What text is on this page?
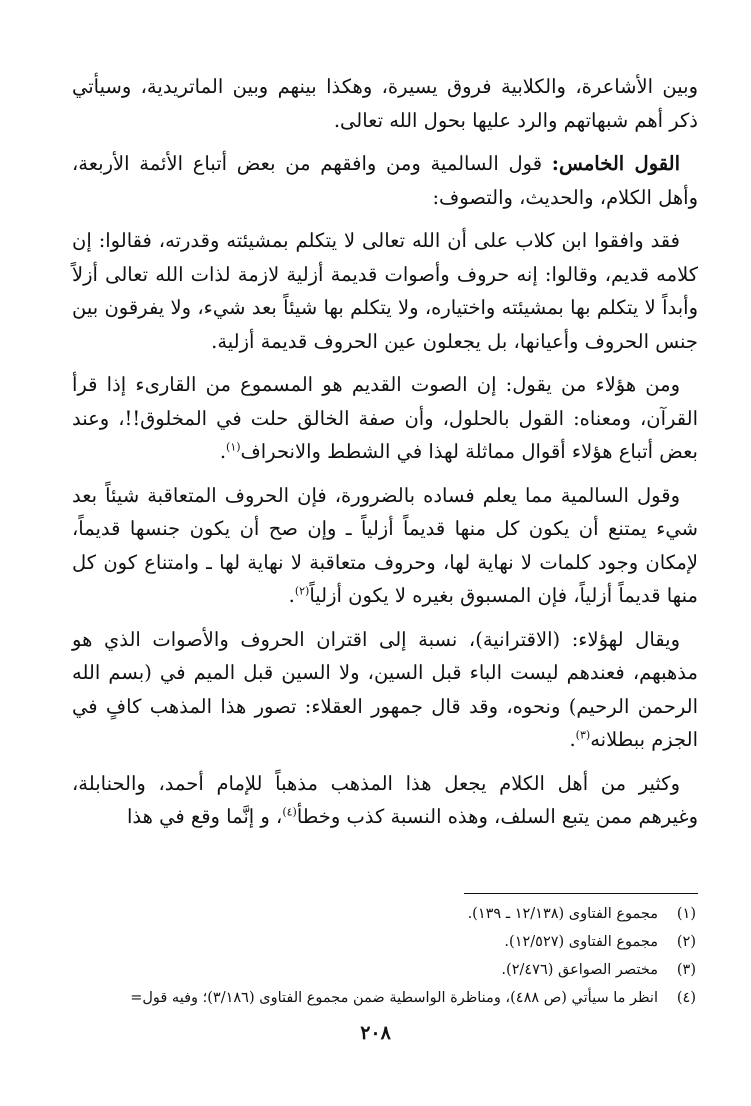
وبين الأشاعرة، والكلابية فروق يسيرة، وهكذا بينهم وبين الماتريدية، وسيأتي ذكر أهم شبهاتهم والرد عليها بحول الله تعالى.

القول الخامس: قول السالمية ومن وافقهم من بعض أتباع الأئمة الأربعة، وأهل الكلام، والحديث، والتصوف:

فقد وافقوا ابن كلاب على أن الله تعالى لا يتكلم بمشيئته وقدرته، فقالوا: إن كلامه قديم، وقالوا: إنه حروف وأصوات قديمة أزلية لازمة لذات الله تعالى أزلاً وأبداً لا يتكلم بها بمشيئته واختياره، ولا يتكلم بها شيئاً بعد شيء، ولا يفرقون بين جنس الحروف وأعيانها، بل يجعلون عين الحروف قديمة أزلية.

ومن هؤلاء من يقول: إن الصوت القديم هو المسموع من القارىء إذا قرأ القرآن، ومعناه: القول بالحلول، وأن صفة الخالق حلت في المخلوق!!، وعند بعض أتباع هؤلاء أقوال مماثلة لهذا في الشطط والانحراف$^{(١)}$.

وقول السالمية مما يعلم فساده بالضرورة، فإن الحروف المتعاقبة شيئاً بعد شيء يمتنع أن يكون كل منها قديماً أزلياً ـ وإن صح أن يكون جنسها قديماً، لإمكان وجود كلمات لا نهاية لها، وحروف متعاقبة لا نهاية لها ـ وامتناع كون كل منها قديماً أزلياً، فإن المسبوق بغيره لا يكون أزلياً$^{(٢)}$.

ويقال لهؤلاء: (الاقترانية)، نسبة إلى اقتران الحروف والأصوات الذي هو مذهبهم، فعندهم ليست الباء قبل السين، ولا السين قبل الميم في (بسم الله الرحمن الرحيم) ونحوه، وقد قال جمهور العقلاء: تصور هذا المذهب كافٍ في الجزم ببطلانه$^{(٣)}$.

وكثير من أهل الكلام يجعل هذا المذهب مذهباً للإمام أحمد، والحنابلة، وغيرهم ممن يتبع السلف، وهذه النسبة كذب وخطأ$^{(٤)}$، و إنَّما وقع في هذا

(١)مجموع الفتاوى (١٢/١٣٨ ـ ١٣٩).
(٢)مجموع الفتاوى (١٢/٥٢٧).
(٣)مختصر الصواعق (٢/٤٧٦).
(٤)انظر ما سيأتي (ص ٤٨٨)، ومناظرة الواسطية ضمن مجموع الفتاوى (٣/١٨٦)؛ وفيه قول=
٢٠٨
